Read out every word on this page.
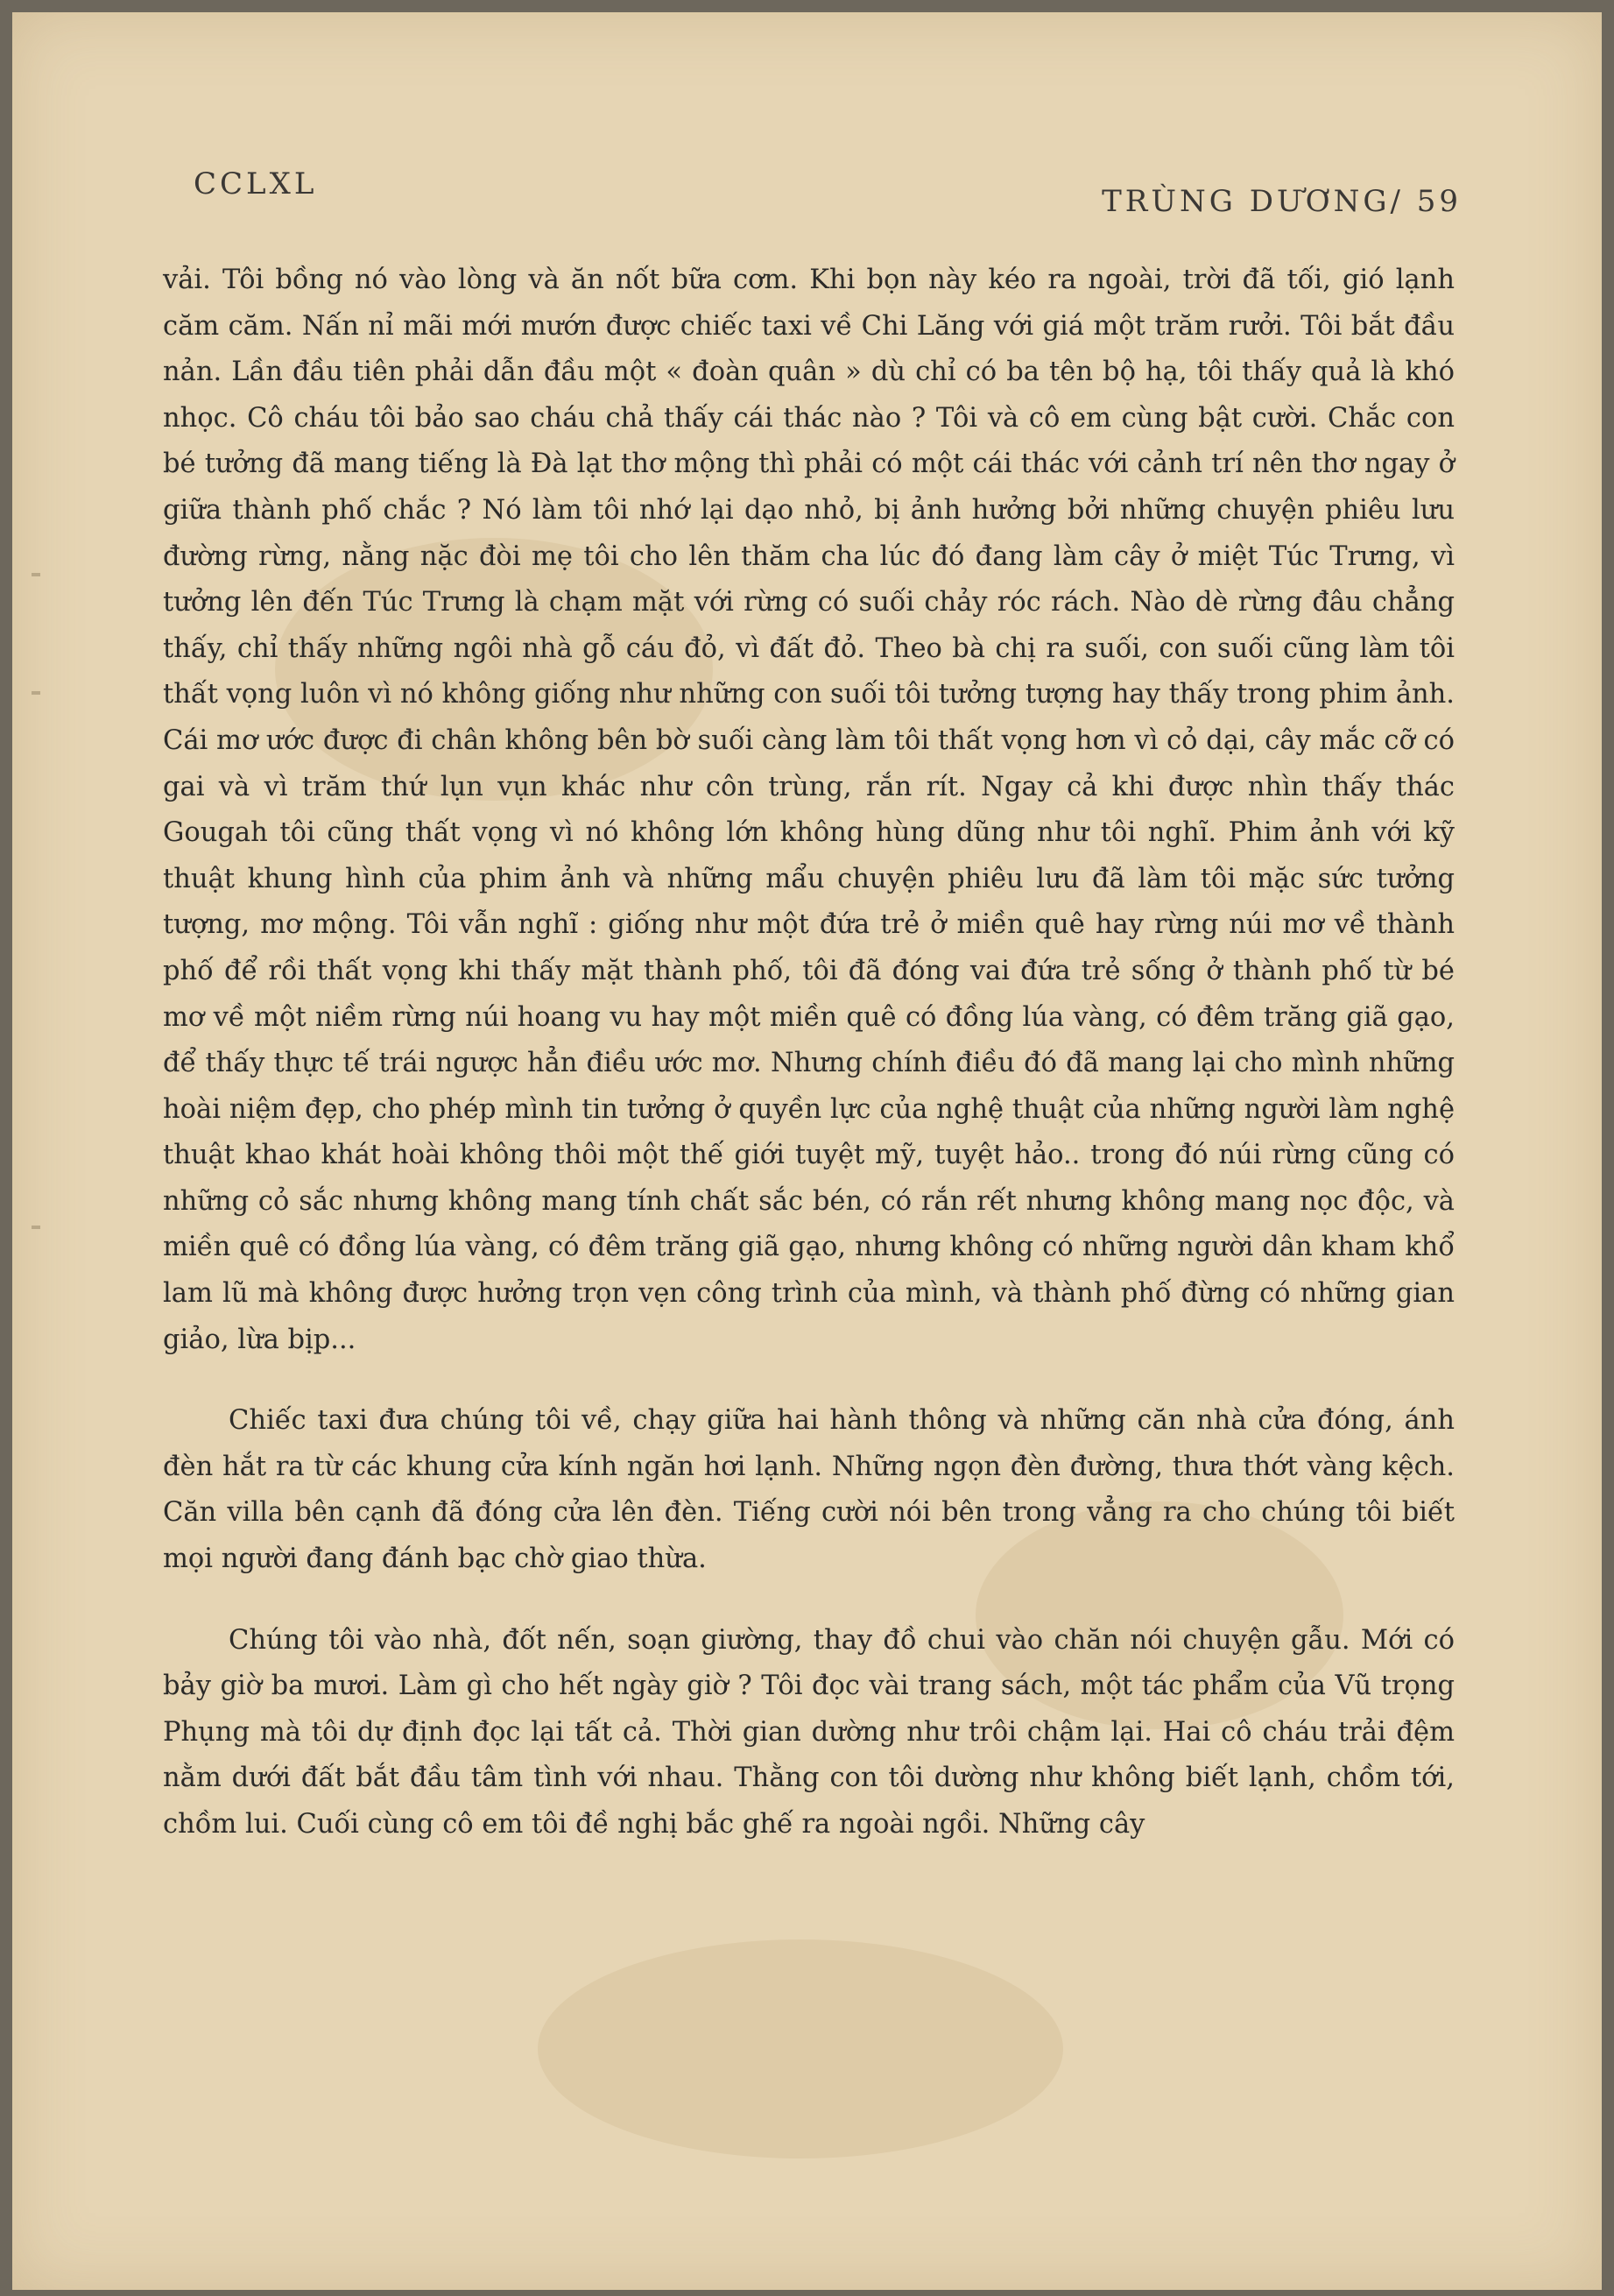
CCLXL	TRÙNG DƯƠNG/ 59

vải. Tôi bồng nó vào lòng và ăn nốt bữa cơm. Khi bọn này kéo ra ngoài, trời đã tối, gió lạnh căm căm. Nấn nỉ mãi mới mướn được chiếc taxi về Chi Lăng với giá một trăm rưởi. Tôi bắt đầu nản. Lần đầu tiên phải dẫn đầu một « đoàn quân » dù chỉ có ba tên bộ hạ, tôi thấy quả là khó nhọc. Cô cháu tôi bảo sao cháu chả thấy cái thác nào ? Tôi và cô em cùng bật cười. Chắc con bé tưởng đã mang tiếng là Đà lạt thơ mộng thì phải có một cái thác với cảnh trí nên thơ ngay ở giữa thành phố chắc ? Nó làm tôi nhớ lại dạo nhỏ, bị ảnh hưởng bởi những chuyện phiêu lưu đường rừng, nằng nặc đòi mẹ tôi cho lên thăm cha lúc đó đang làm cây ở miệt Túc Trưng, vì tưởng lên đến Túc Trưng là chạm mặt với rừng có suối chảy róc rách. Nào dè rừng đâu chẳng thấy, chỉ thấy những ngôi nhà gỗ cáu đỏ, vì đất đỏ. Theo bà chị ra suối, con suối cũng làm tôi thất vọng luôn vì nó không giống như những con suối tôi tưởng tượng hay thấy trong phim ảnh. Cái mơ ước được đi chân không bên bờ suối càng làm tôi thất vọng hơn vì cỏ dại, cây mắc cỡ có gai và vì trăm thứ lụn vụn khác như côn trùng, rắn rít. Ngay cả khi được nhìn thấy thác Gougah tôi cũng thất vọng vì nó không lớn không hùng dũng như tôi nghĩ. Phim ảnh với kỹ thuật khung hình của phim ảnh và những mẩu chuyện phiêu lưu đã làm tôi mặc sức tưởng tượng, mơ mộng. Tôi vẫn nghĩ : giống như một đứa trẻ ở miền quê hay rừng núi mơ về thành phố để rồi thất vọng khi thấy mặt thành phố, tôi đã đóng vai đứa trẻ sống ở thành phố từ bé mơ về một niềm rừng núi hoang vu hay một miền quê có đồng lúa vàng, có đêm trăng giã gạo, để thấy thực tế trái ngược hẳn điều ước mơ. Nhưng chính điều đó đã mang lại cho mình những hoài niệm đẹp, cho phép mình tin tưởng ở quyền lực của nghệ thuật của những người làm nghệ thuật khao khát hoài không thôi một thế giới tuyệt mỹ, tuyệt hảo.. trong đó núi rừng cũng có những cỏ sắc nhưng không mang tính chất sắc bén, có rắn rết nhưng không mang nọc độc, và miền quê có đồng lúa vàng, có đêm trăng giã gạo, nhưng không có những người dân kham khổ lam lũ mà không được hưởng trọn vẹn công trình của mình, và thành phố đừng có những gian giảo, lừa bịp...

Chiếc taxi đưa chúng tôi về, chạy giữa hai hành thông và những căn nhà cửa đóng, ánh đèn hắt ra từ các khung cửa kính ngăn hơi lạnh. Những ngọn đèn đường, thưa thớt vàng kệch. Căn villa bên cạnh đã đóng cửa lên đèn. Tiếng cười nói bên trong vẳng ra cho chúng tôi biết mọi người đang đánh bạc chờ giao thừa.

Chúng tôi vào nhà, đốt nến, soạn giường, thay đồ chui vào chăn nói chuyện gẫu. Mới có bảy giờ ba mươi. Làm gì cho hết ngày giờ ? Tôi đọc vài trang sách, một tác phẩm của Vũ trọng Phụng mà tôi dự định đọc lại tất cả. Thời gian dường như trôi chậm lại. Hai cô cháu trải đệm nằm dưới đất bắt đầu tâm tình với nhau. Thằng con tôi dường như không biết lạnh, chồm tới, chồm lui. Cuối cùng cô em tôi đề nghị bắc ghế ra ngoài ngồi. Những cây
